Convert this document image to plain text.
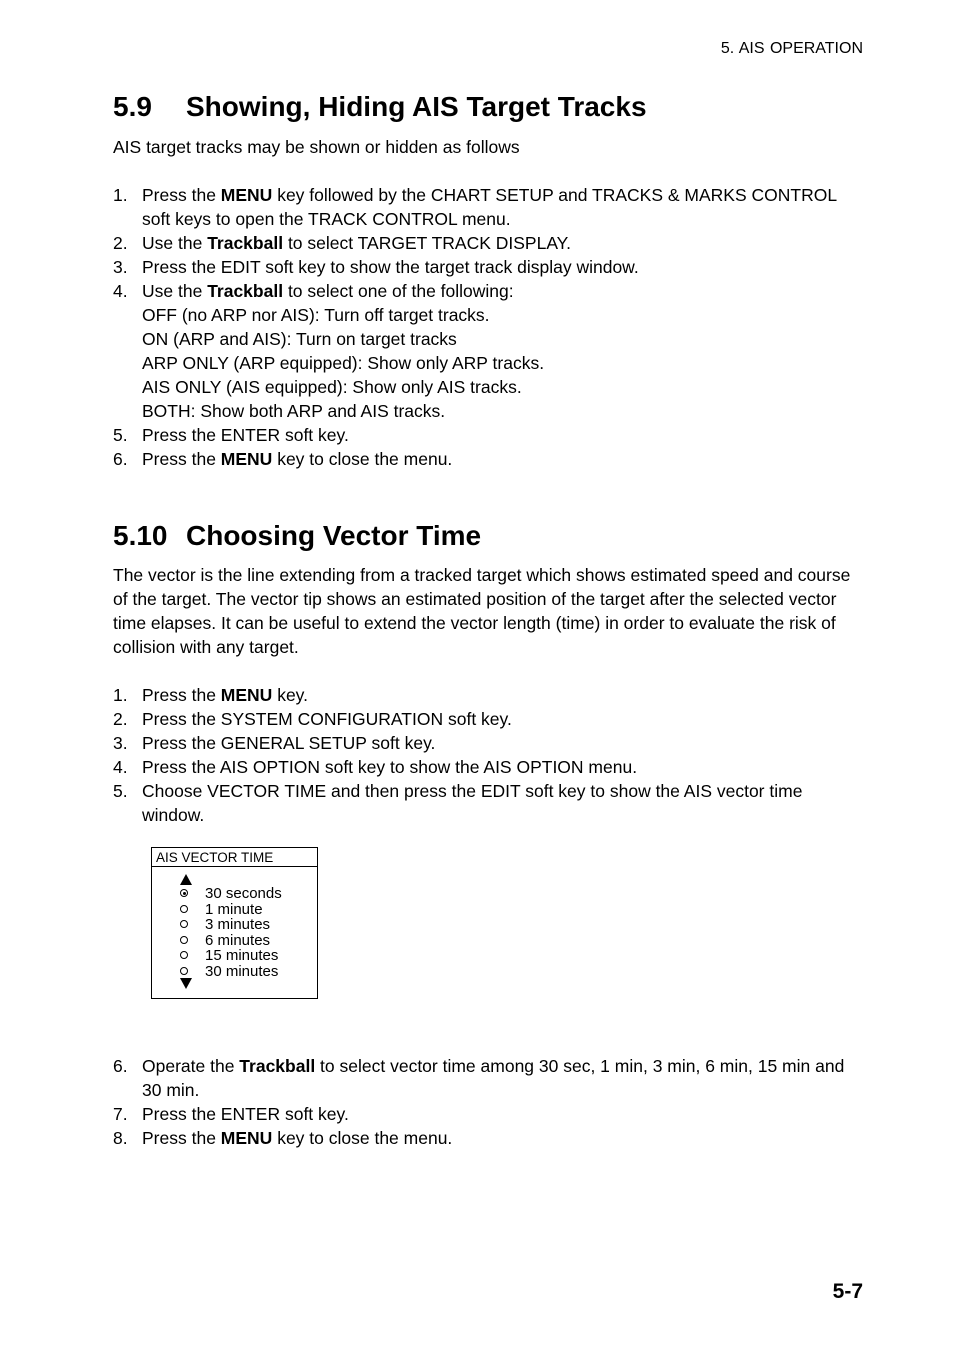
5. AIS OPERATION
5.9 Showing, Hiding AIS Target Tracks
AIS target tracks may be shown or hidden as follows
1. Press the MENU key followed by the CHART SETUP and TRACKS & MARKS CONTROL soft keys to open the TRACK CONTROL menu.
2. Use the Trackball to select TARGET TRACK DISPLAY.
3. Press the EDIT soft key to show the target track display window.
4. Use the Trackball to select one of the following:
OFF (no ARP nor AIS): Turn off target tracks.
ON (ARP and AIS): Turn on target tracks
ARP ONLY (ARP equipped): Show only ARP tracks.
AIS ONLY (AIS equipped): Show only AIS tracks.
BOTH: Show both ARP and AIS tracks.
5. Press the ENTER soft key.
6. Press the MENU key to close the menu.
5.10 Choosing Vector Time
The vector is the line extending from a tracked target which shows estimated speed and course of the target. The vector tip shows an estimated position of the target after the selected vector time elapses. It can be useful to extend the vector length (time) in order to evaluate the risk of collision with any target.
1. Press the MENU key.
2. Press the SYSTEM CONFIGURATION soft key.
3. Press the GENERAL SETUP soft key.
4. Press the AIS OPTION soft key to show the AIS OPTION menu.
5. Choose VECTOR TIME and then press the EDIT soft key to show the AIS vector time window.
AIS VECTOR TIME
30 seconds
1 minute
3 minutes
6 minutes
15 minutes
30 minutes
6. Operate the Trackball to select vector time among 30 sec, 1 min, 3 min, 6 min, 15 min and 30 min.
7. Press the ENTER soft key.
8. Press the MENU key to close the menu.
5-7
